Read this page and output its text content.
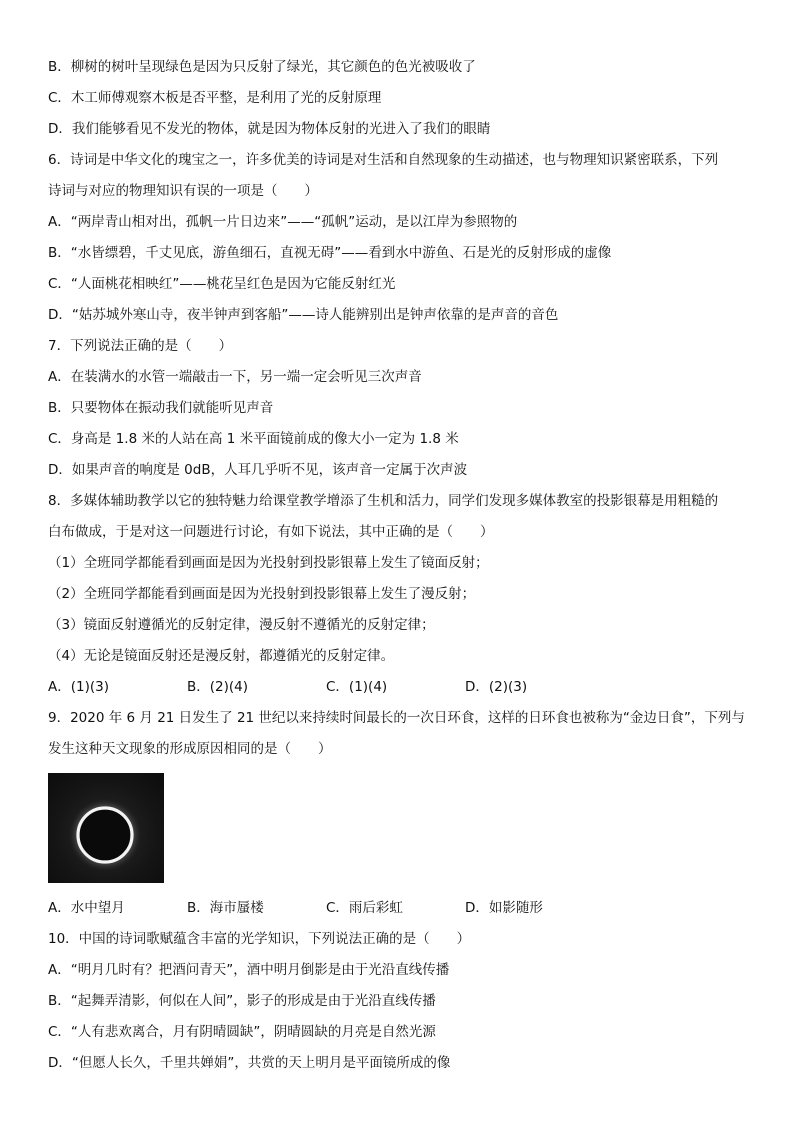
B．柳树的树叶呈现绿色是因为只反射了绿光，其它颜色的色光被吸收了
C．木工师傅观察木板是否平整，是利用了光的反射原理
D．我们能够看见不发光的物体，就是因为物体反射的光进入了我们的眼睛
6．诗词是中华文化的瑰宝之一，许多优美的诗词是对生活和自然现象的生动描述，也与物理知识紧密联系，下列
诗词与对应的物理知识有误的一项是（　　）
A．“两岸青山相对出，孤帆一片日边来”——“孤帆”运动，是以江岸为参照物的
B．“水皆缥碧，千丈见底，游鱼细石，直视无碍”——看到水中游鱼、石是光的反射形成的虚像
C．“人面桃花相映红”——桃花呈红色是因为它能反射红光
D．“姑苏城外寒山寺，夜半钟声到客船”——诗人能辨别出是钟声依靠的是声音的音色
7．下列说法正确的是（　　）
A．在装满水的水管一端敲击一下，另一端一定会听见三次声音
B．只要物体在振动我们就能听见声音
C．身高是 1.8 米的人站在高 1 米平面镜前成的像大小一定为 1.8 米
D．如果声音的响度是 0dB，人耳几乎听不见，该声音一定属于次声波
8．多媒体辅助教学以它的独特魅力给课堂教学增添了生机和活力，同学们发现多媒体教室的投影银幕是用粗糙的
白布做成，于是对这一问题进行讨论，有如下说法，其中正确的是（　　）
（1）全班同学都能看到画面是因为光投射到投影银幕上发生了镜面反射；
（2）全班同学都能看到画面是因为光投射到投影银幕上发生了漫反射；
（3）镜面反射遵循光的反射定律，漫反射不遵循光的反射定律；
（4）无论是镜面反射还是漫反射，都遵循光的反射定律。
A．(1)(3)	B．(2)(4)	C．(1)(4)	D．(2)(3)
9．2020 年 6 月 21 日发生了 21 世纪以来持续时间最长的一次日环食，这样的日环食也被称为“金边日食”，下列与
发生这种天文现象的形成原因相同的是（　　）
A．水中望月	B．海市蜃楼	C．雨后彩虹	D．如影随形
10．中国的诗词歌赋蕴含丰富的光学知识，下列说法正确的是（　　）
A．“明月几时有？把酒问青天”，酒中明月倒影是由于光沿直线传播
B．“起舞弄清影，何似在人间”，影子的形成是由于光沿直线传播
C．“人有悲欢离合，月有阴晴圆缺”，阴晴圆缺的月亮是自然光源
D．“但愿人长久，千里共婵娟”，共赏的天上明月是平面镜所成的像
